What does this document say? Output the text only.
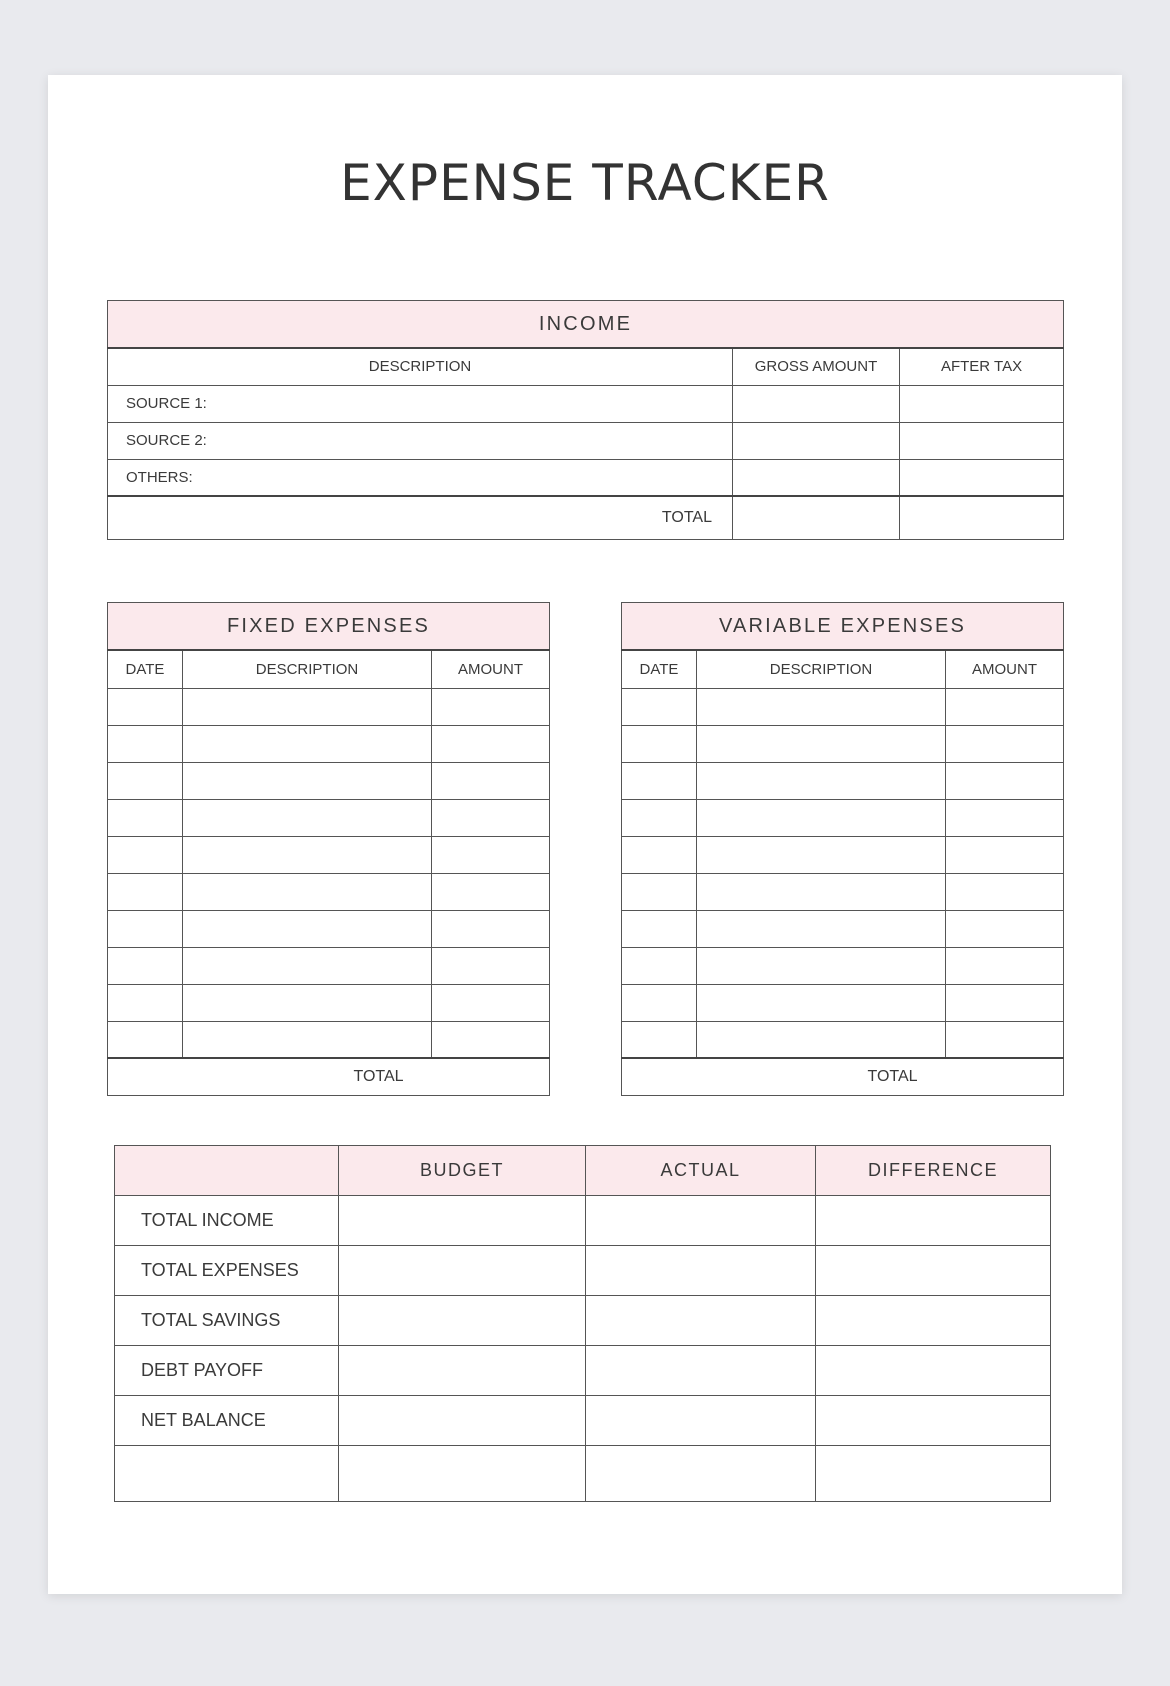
EXPENSE TRACKER
INCOME		
DESCRIPTION	GROSS AMOUNT	AFTER TAX
SOURCE 1:		
SOURCE 2:		
OTHERS:		
TOTAL		
FIXED EXPENSES		
DATE	DESCRIPTION	AMOUNT

TOTAL		
VARIABLE EXPENSES		
DATE	DESCRIPTION	AMOUNT

TOTAL		
	BUDGET	ACTUAL	DIFFERENCE
TOTAL INCOME			
TOTAL EXPENSES			
TOTAL SAVINGS			
DEBT PAYOFF			
NET BALANCE			
